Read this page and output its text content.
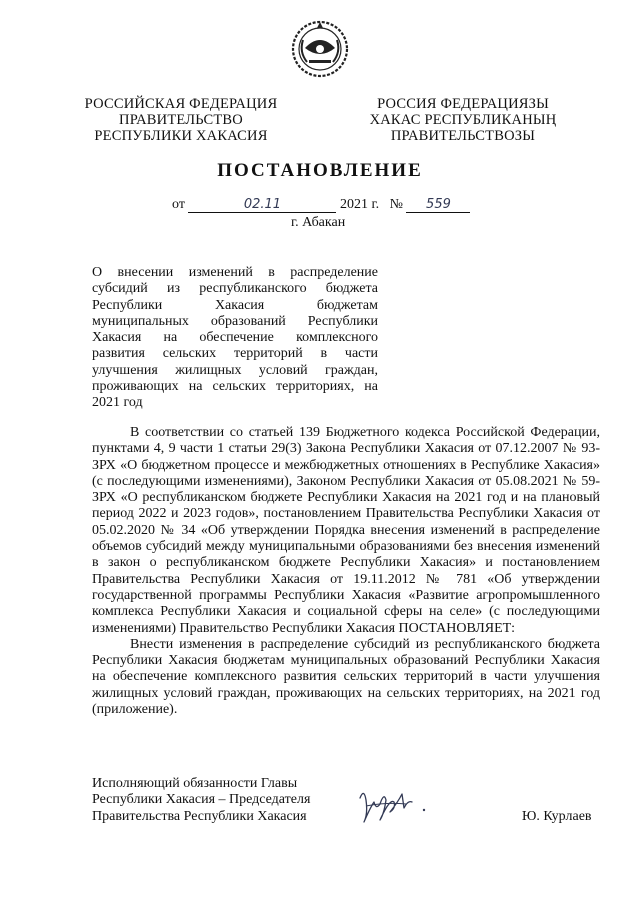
РОССИЙСКАЯ ФЕДЕРАЦИЯ
ПРАВИТЕЛЬСТВО
РЕСПУБЛИКИ ХАКАСИЯ
РОССИЯ ФЕДЕРАЦИЯЗЫ
ХАКАС РЕСПУБЛИКАНЫҢ
ПРАВИТЕЛЬСТВОЗЫ
ПОСТАНОВЛЕНИЕ
от	02.11	2021 г. № 559
г. Абакан
О внесении изменений в распределение субсидий из республиканского бюджета Республики Хакасия бюджетам муниципальных образований Республики Хакасия на обеспечение комплексного развития сельских территорий в части улучшения жилищных условий граждан, проживающих на сельских территориях, на 2021 год

В соответствии со статьей 139 Бюджетного кодекса Российской Федерации, пунктами 4, 9 части 1 статьи 29(3) Закона Республики Хакасия от 07.12.2007 № 93-ЗРХ «О бюджетном процессе и межбюджетных отношениях в Республике Хакасия» (с последующими изменениями), Законом Республики Хакасия от 05.08.2021 № 59-ЗРХ «О республиканском бюджете Республики Хакасия на 2021 год и на плановый период 2022 и 2023 годов», постановлением Правительства Республики Хакасия от 05.02.2020 № 34 «Об утверждении Порядка внесения изменений в распределение объемов субсидий между муниципальными образованиями без внесения изменений в закон о республиканском бюджете Республики Хакасия» и постановлением Правительства Республики Хакасия от 19.11.2012 № 781 «Об утверждении государственной программы Республики Хакасия «Развитие агропромышленного комплекса Республики Хакасия и социальной сферы на селе» (с последующими изменениями) Правительство Республики Хакасия ПОСТАНОВЛЯЕТ:

Внести изменения в распределение субсидий из республиканского бюджета Республики Хакасия бюджетам муниципальных образований Республики Хакасия на обеспечение комплексного развития сельских территорий в части улучшения жилищных условий граждан, проживающих на сельских территориях, на 2021 год (приложение).

Исполняющий обязанности Главы
Республики Хакасия – Председателя
Правительства Республики Хакасия	Ю. Курлаев
